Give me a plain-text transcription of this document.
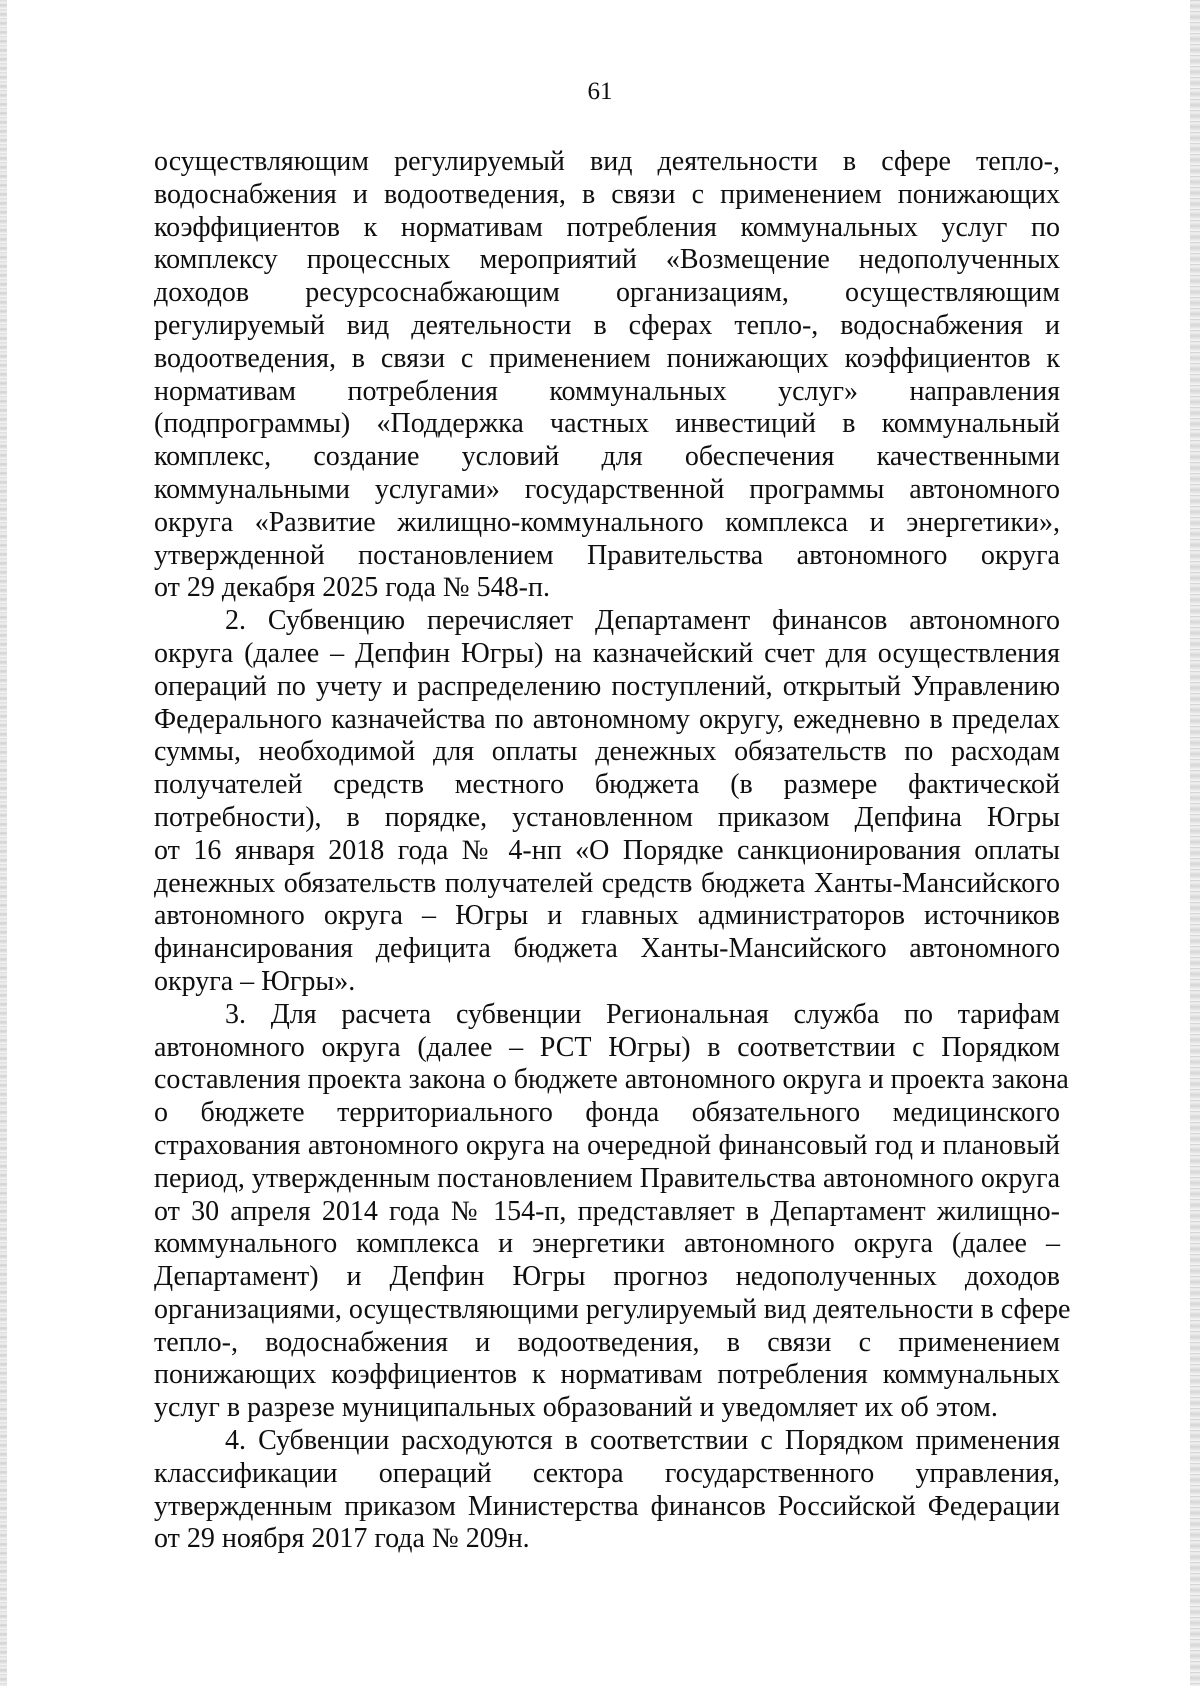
61

осуществляющим регулируемый вид деятельности в сфере тепло-,
водоснабжения и водоотведения, в связи с применением понижающих
коэффициентов к нормативам потребления коммунальных услуг по
комплексу процессных мероприятий «Возмещение недополученных
доходов ресурсоснабжающим организациям, осуществляющим
регулируемый вид деятельности в сферах тепло-, водоснабжения и
водоотведения, в связи с применением понижающих коэффициентов к
нормативам потребления коммунальных услуг» направления
(подпрограммы) «Поддержка частных инвестиций в коммунальный
комплекс, создание условий для обеспечения качественными
коммунальными услугами» государственной программы автономного
округа «Развитие жилищно-коммунального комплекса и энергетики»,
утвержденной постановлением Правительства автономного округа
от 29 декабря 2025 года № 548-п.

2. Субвенцию перечисляет Департамент финансов автономного
округа (далее – Депфин Югры) на казначейский счет для осуществления
операций по учету и распределению поступлений, открытый Управлению
Федерального казначейства по автономному округу, ежедневно в пределах
суммы, необходимой для оплаты денежных обязательств по расходам
получателей средств местного бюджета (в размере фактической
потребности), в порядке, установленном приказом Депфина Югры
от 16 января 2018 года № 4-нп «О Порядке санкционирования оплаты
денежных обязательств получателей средств бюджета Ханты-Мансийского
автономного округа – Югры и главных администраторов источников
финансирования дефицита бюджета Ханты-Мансийского автономного
округа – Югры».

3. Для расчета субвенции Региональная служба по тарифам
автономного округа (далее – РСТ Югры) в соответствии с Порядком
составления проекта закона о бюджете автономного округа и проекта закона
о бюджете территориального фонда обязательного медицинского
страхования автономного округа на очередной финансовый год и плановый
период, утвержденным постановлением Правительства автономного округа
от 30 апреля 2014 года № 154-п, представляет в Департамент жилищно-
коммунального комплекса и энергетики автономного округа (далее –
Департамент) и Депфин Югры прогноз недополученных доходов
организациями, осуществляющими регулируемый вид деятельности в сфере
тепло-, водоснабжения и водоотведения, в связи с применением
понижающих коэффициентов к нормативам потребления коммунальных
услуг в разрезе муниципальных образований и уведомляет их об этом.

4. Субвенции расходуются в соответствии с Порядком применения
классификации операций сектора государственного управления,
утвержденным приказом Министерства финансов Российской Федерации
от 29 ноября 2017 года № 209н.
